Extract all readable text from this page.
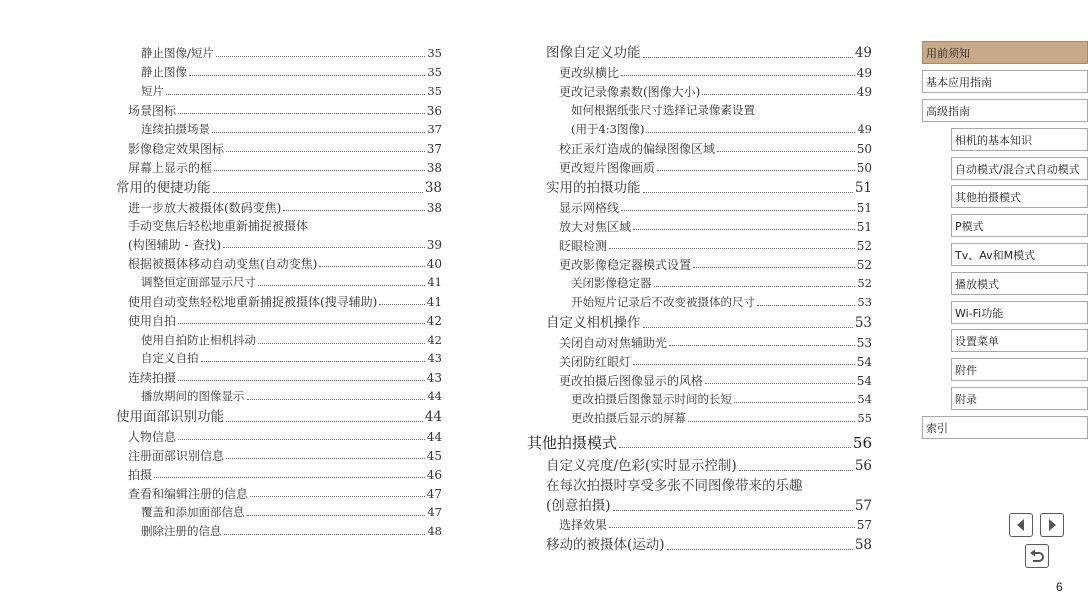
静止图像/短片	35
静止图像	35
短片	35
场景图标	36
连续拍摄场景	37
影像稳定效果图标	37
屏幕上显示的框	38
常用的便捷功能	38
进一步放大被摄体(数码变焦)	38
手动变焦后轻松地重新捕捉被摄体
(构图辅助 - 查找)	39
根据被摄体移动自动变焦(自动变焦)	40
调整恒定面部显示尺寸	41
使用自动变焦轻松地重新捕捉被摄体(搜寻辅助)	41
使用自拍	42
使用自拍防止相机抖动	42
自定义自拍	43
连续拍摄	43
播放期间的图像显示	44
使用面部识别功能	44
人物信息	44
注册面部识别信息	45
拍摄	46
查看和编辑注册的信息	47
覆盖和添加面部信息	47
删除注册的信息	48
图像自定义功能	49
更改纵横比	49
更改记录像素数(图像大小)	49
如何根据纸张尺寸选择记录像素设置
(用于4:3图像)	49
校正汞灯造成的偏绿图像区域	50
更改短片图像画质	50
实用的拍摄功能	51
显示网格线	51
放大对焦区域	51
眨眼检测	52
更改影像稳定器模式设置	52
关闭影像稳定器	52
开始短片记录后不改变被摄体的尺寸	53
自定义相机操作	53
关闭自动对焦辅助光	53
关闭防红眼灯	54
更改拍摄后图像显示的风格	54
更改拍摄后图像显示时间的长短	54
更改拍摄后显示的屏幕	55
其他拍摄模式	56
自定义亮度/色彩(实时显示控制)	56
在每次拍摄时享受多张不同图像带来的乐趣
(创意拍摄)	57
选择效果	57
移动的被摄体(运动)	58
用前须知
基本应用指南
高级指南
相机的基本知识
自动模式/混合式自动模式
其他拍摄模式
P模式
Tv、Av和M模式
播放模式
Wi-Fi功能
设置菜单
附件
附录
索引
6
